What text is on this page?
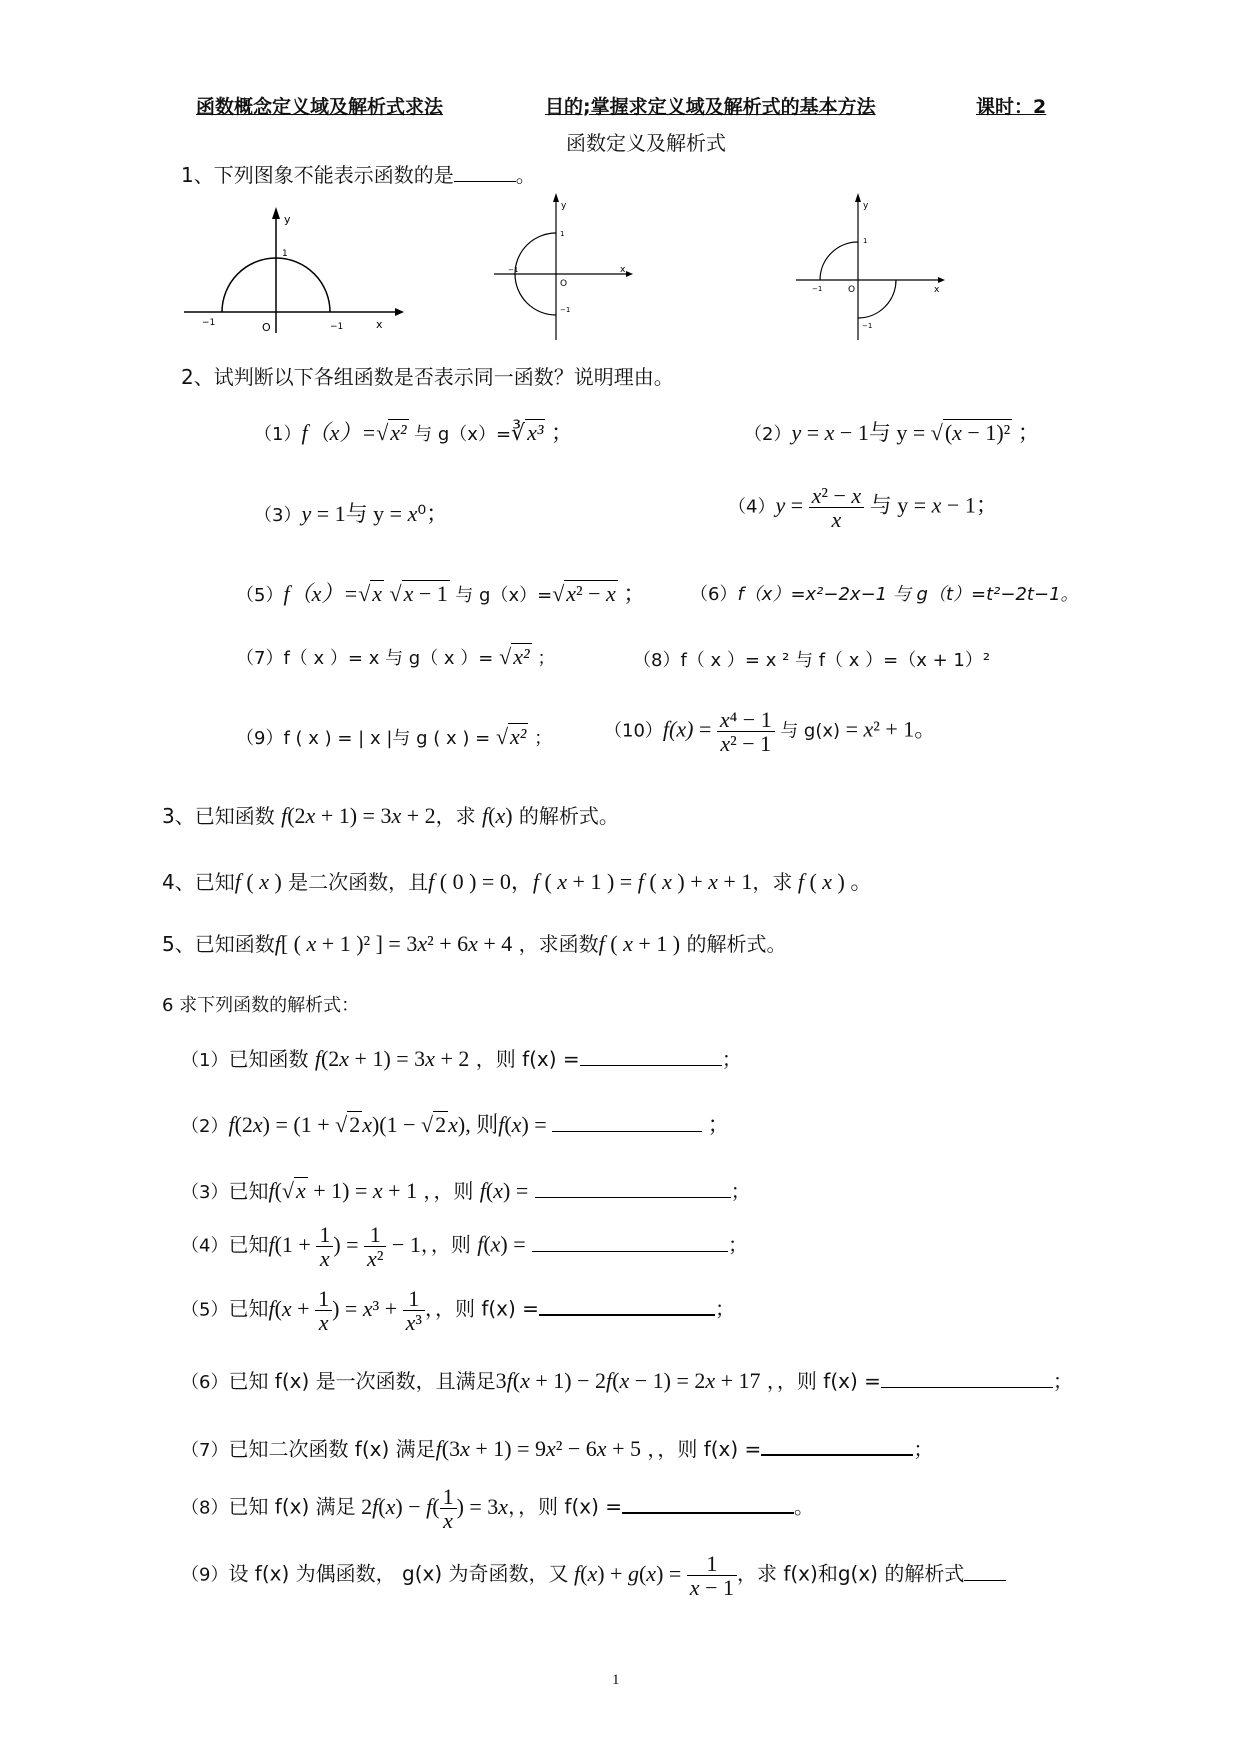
函数概念定义域及解析式求法	目的;掌握求定义域及解析式的基本方法	课时：2
函数定义及解析式
1、下列图象不能表示函数的是	。
y
1
O
−1	−1	x
y
1
O
−1
−1
x
y
1
O
−1
−1
x
2、试判断以下各组函数是否表示同一函数？说明理由。
（1）f（x）=√x² 与 g（x）=∛x³ ；	（2）y = x − 1与 y = √(x − 1)² ；
（3）y = 1与 y = x⁰；	$(4)y = \frac{\text{x² − x}}{x}$ 与 y = x − 1；
（5）f（x）=√x √x − 1 与 g（x）=√x² − x ； （6）f（x）=x²−2x−1 与 g（t）=t²−2t−1。
（7）f（ x ）= x 与 g（ x ）= √x² ；	（8）f（ x ）= x ² 与 f（ x ）=（x + 1）²
（9）f ( x ) = | x |与 g ( x ) = √x² ；	$(10)f(x) = \frac{\text{x⁴ − 1}}{\text{x² − 1}}$ 与 g(x) = x² + 1。
3、已知函数 f(2x + 1) = 3x + 2，求 f(x) 的解析式。
4、已知f ( x ) 是二次函数，且f ( 0 ) = 0，f ( x + 1 ) = f ( x ) + x + 1，求 f ( x ) 。
5、已知函数f[ ( x + 1 )² ] = 3x² + 6x + 4 ，求函数f ( x + 1 ) 的解析式。
6 求下列函数的解析式：
（1）已知函数 f(2x + 1) = 3x + 2 ，则 f(x) =	；
（2）f(2x) = (1 + √2x)(1 − √2x), 则f(x) =	；
（3）已知f(√x + 1) = x + 1 ，，则 f(x) =	；
（4）已知$f(1 + \frac{1}{x}$ ) = $\frac{1}{\text{x²}} - 1$，，则 f(x) =	；
（5）已知$f(x + \frac{1}{x}$ ) = $x^3 + \frac{1}{\text{x³}}$ ，，则 f(x) =	；
（6）已知 f(x) 是一次函数，且满足3f(x + 1) − 2f(x − 1) = 2x + 17 ，，则 f(x) =	；
（7）已知二次函数 f(x) 满足f(3x + 1) = 9x² − 6x + 5 ，，则 f(x) =	；
（8）已知 f(x) 满足 $2f(x) - f( \frac{1}{x}$ ) = 3x，，则 f(x) =	。
（9）设 f(x) 为偶函数， g(x) 为奇函数，又 $f(x) + g(x) = \frac{1}{x - 1}$ ，求 f(x)和g(x) 的解析式
1
